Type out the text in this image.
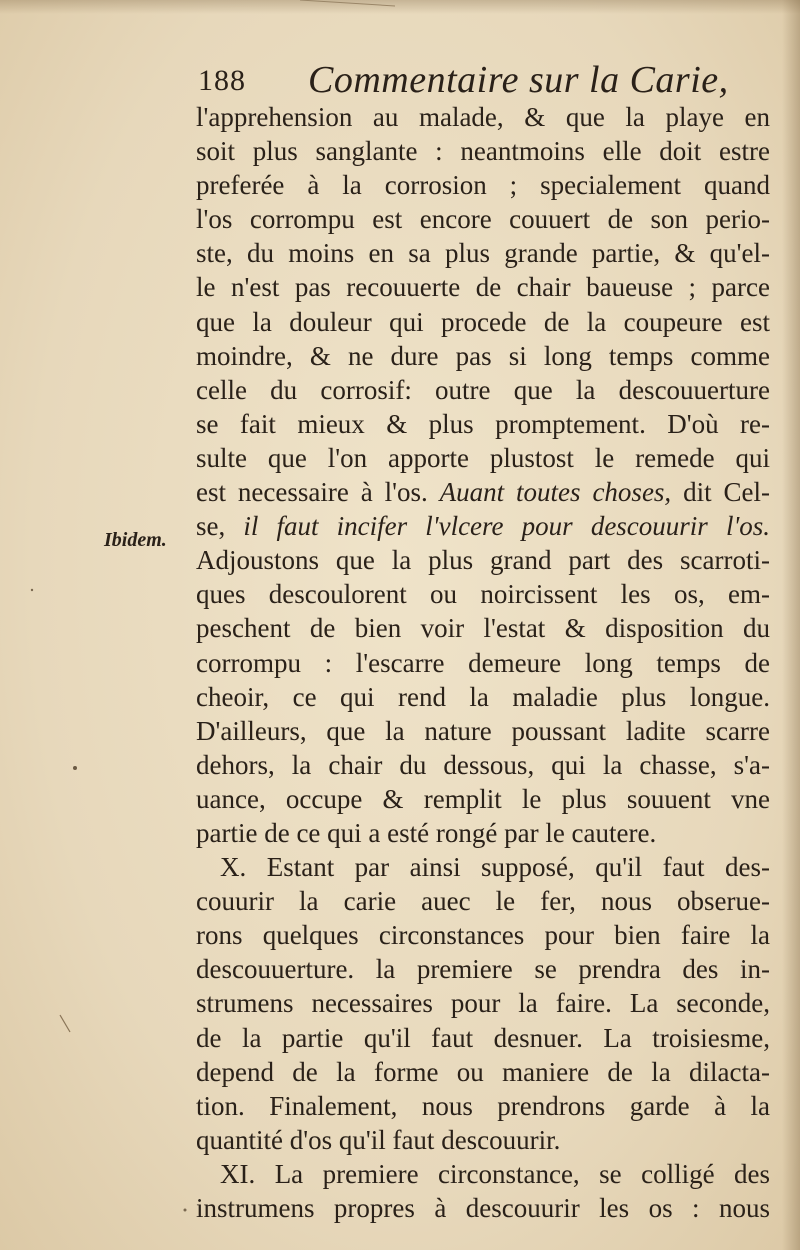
188 Commentaire sur la Carie,
Ibidem.
l'apprehension au malade, & que la playe en
soit plus sanglante : neantmoins elle doit estre
preferée à la corrosion ; specialement quand
l'os corrompu est encore couuert de son perio-
ste, du moins en sa plus grande partie, & qu'el-
le n'est pas recouuerte de chair baueuse ; parce
que la douleur qui procede de la coupeure est
moindre, & ne dure pas si long temps comme
celle du corrosif: outre que la descouuerture
se fait mieux & plus promptement. D'où re-
sulte que l'on apporte plustost le remede qui
est necessaire à l'os. Auant toutes choses, dit Cel-
se, il faut incifer l'vlcere pour descouurir l'os.
Adjoustons que la plus grand part des scarroti-
ques descoulorent ou noircissent les os, em-
peschent de bien voir l'estat & disposition du
corrompu : l'escarre demeure long temps de
cheoir, ce qui rend la maladie plus longue.
D'ailleurs, que la nature poussant ladite scarre
dehors, la chair du dessous, qui la chasse, s'a-
uance, occupe & remplit le plus souuent vne
partie de ce qui a esté rongé par le cautere.
X. Estant par ainsi supposé, qu'il faut des-
couurir la carie auec le fer, nous obserue-
rons quelques circonstances pour bien faire la
descouuerture. la premiere se prendra des in-
strumens necessaires pour la faire. La seconde,
de la partie qu'il faut desnuer. La troisiesme,
depend de la forme ou maniere de la dilacta-
tion. Finalement, nous prendrons garde à la
quantité d'os qu'il faut descouurir.
XI. La premiere circonstance, se colligé des
instrumens propres à descouurir les os : nous
